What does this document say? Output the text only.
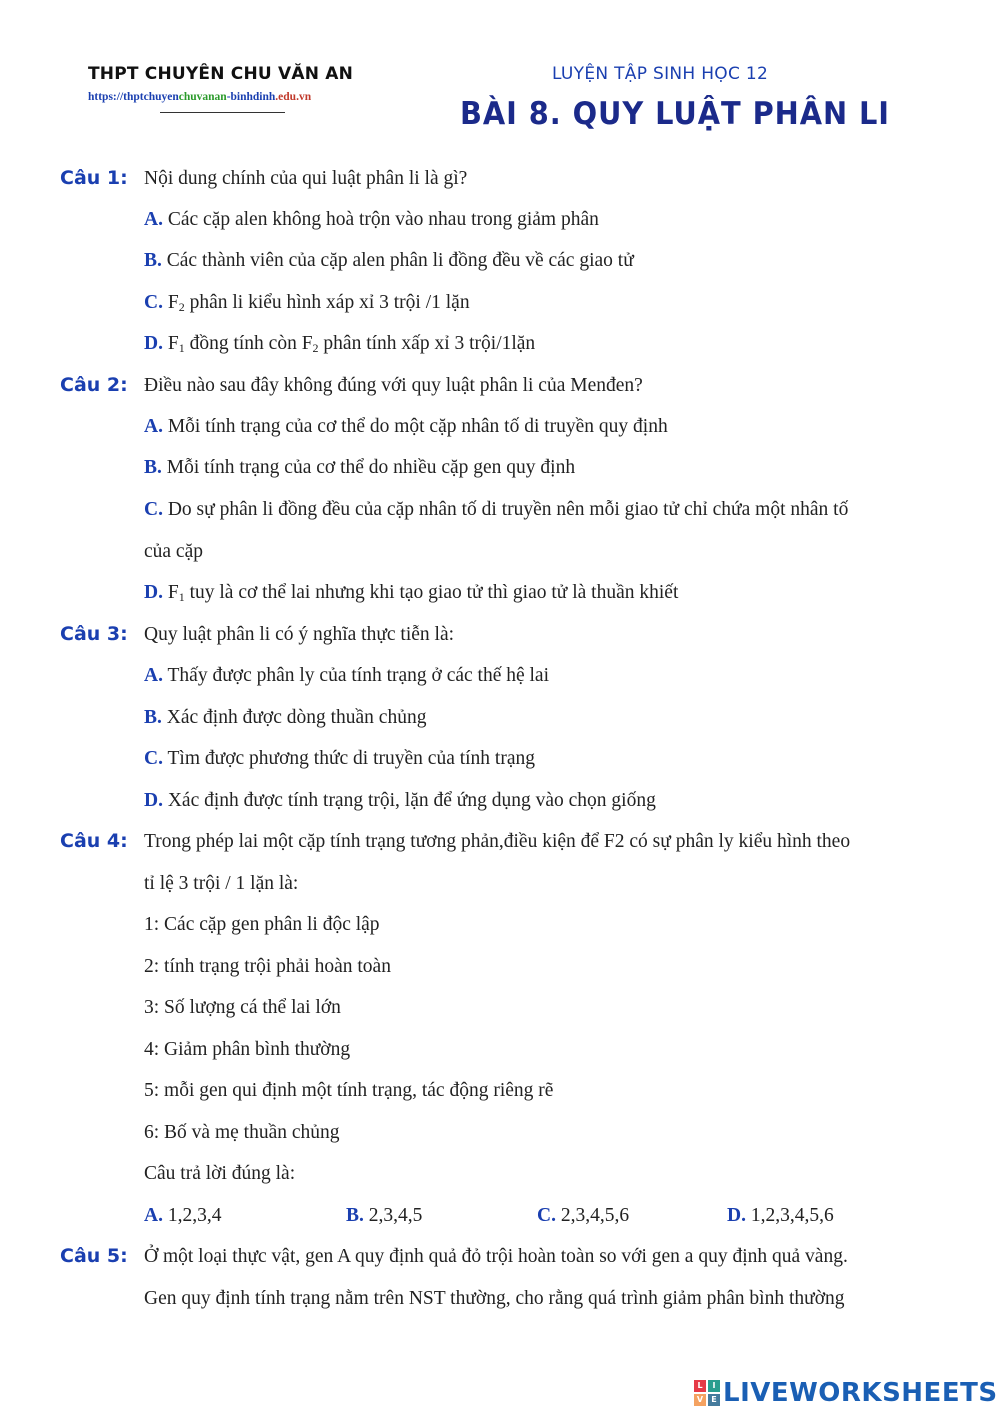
THPT CHUYÊN CHU VĂN AN
https://thptchuyenchuvanan-binhdinh.edu.vn
LUYỆN TẬP SINH HỌC 12
BÀI 8. QUY LUẬT PHÂN LI
Câu 1: Nội dung chính của qui luật phân li là gì?
A. Các cặp alen không hoà trộn vào nhau trong giảm phân
B. Các thành viên của cặp alen phân li đồng đều về các giao tử
C. $F_2$ phân li kiểu hình xáp xỉ 3 trội /1 lặn
D. $F_1$ đồng tính còn $F_2$ phân tính xấp xỉ 3 trội/1lặn
Câu 2: Điều nào sau đây không đúng với quy luật phân li của Menđen?
A. Mỗi tính trạng của cơ thể do một cặp nhân tố di truyền quy định
B. Mỗi tính trạng của cơ thể do nhiều cặp gen quy định
C. Do sự phân li đồng đều của cặp nhân tố di truyền nên mỗi giao tử chỉ chứa một nhân tố
của cặp
D. $F_1$ tuy là cơ thể lai nhưng khi tạo giao tử thì giao tử là thuần khiết
Câu 3: Quy luật phân li có ý nghĩa thực tiễn là:
A. Thấy được phân ly của tính trạng ở các thế hệ lai
B. Xác định được dòng thuần chủng
C. Tìm được phương thức di truyền của tính trạng
D. Xác định được tính trạng trội, lặn để ứng dụng vào chọn giống
Câu 4: Trong phép lai một cặp tính trạng tương phản,điều kiện để F2 có sự phân ly kiểu hình theo
tỉ lệ 3 trội / 1 lặn là:
1: Các cặp gen phân li độc lập
2: tính trạng trội phải hoàn toàn
3: Số lượng cá thể lai lớn
4: Giảm phân bình thường
5: mỗi gen qui định một tính trạng, tác động riêng rẽ
6: Bố và mẹ thuần chủng
Câu trả lời đúng là:
A. 1,2,3,4	B. 2,3,4,5	C. 2,3,4,5,6	D. 1,2,3,4,5,6
Câu 5: Ở một loại thực vật, gen A quy định quả đỏ trội hoàn toàn so với gen a quy định quả vàng.
Gen quy định tính trạng nằm trên NST thường, cho rằng quá trình giảm phân bình thường
L	I
V	E LIVEWORKSHEETS
